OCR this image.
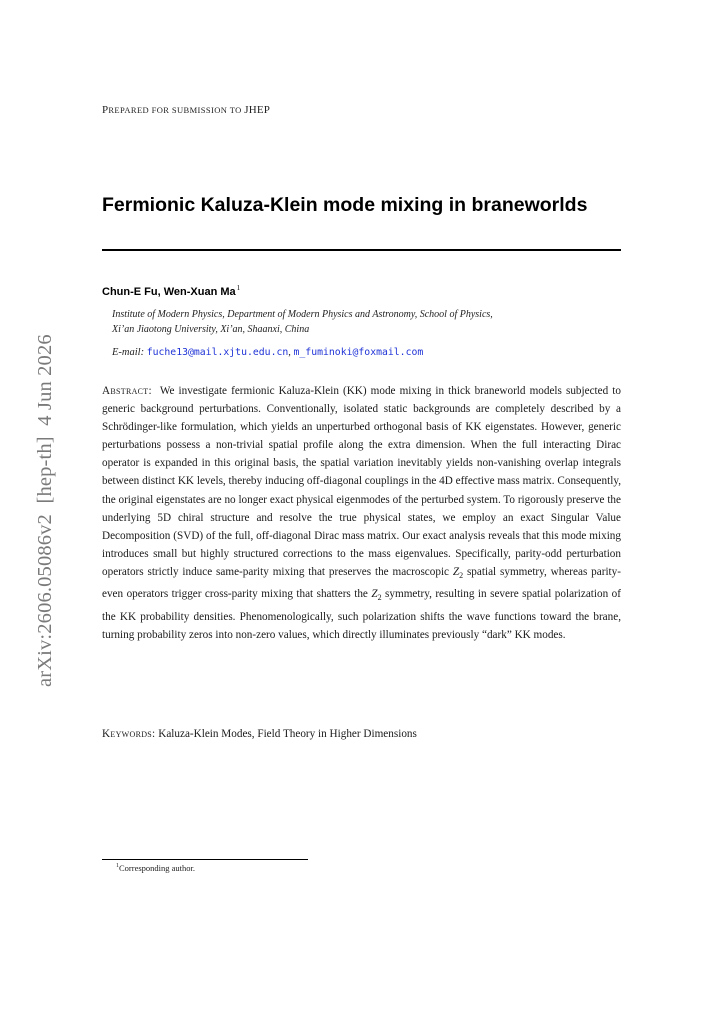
PREPARED FOR SUBMISSION TO JHEP
Fermionic Kaluza-Klein mode mixing in braneworlds
Chun-E Fu, Wen-Xuan Ma$^1$
Institute of Modern Physics, Department of Modern Physics and Astronomy, School of Physics,
Xi’an Jiaotong University, Xi’an, Shaanxi, China
E-mail: fuche13@mail.xjtu.edu.cn, m_fuminoki@foxmail.com
Abstract: We investigate fermionic Kaluza-Klein (KK) mode mixing in thick braneworld models subjected to generic background perturbations. Conventionally, isolated static backgrounds are completely described by a Schrödinger-like formulation, which yields an unperturbed orthogonal basis of KK eigenstates. However, generic perturbations possess a non-trivial spatial profile along the extra dimension. When the full interacting Dirac operator is expanded in this original basis, the spatial variation inevitably yields non-vanishing overlap integrals between distinct KK levels, thereby inducing off-diagonal couplings in the 4D effective mass matrix. Consequently, the original eigenstates are no longer exact physical eigenmodes of the perturbed system. To rigorously preserve the underlying 5D chiral structure and resolve the true physical states, we employ an exact Singular Value Decomposition (SVD) of the full, off-diagonal Dirac mass matrix. Our exact analysis reveals that this mode mixing introduces small but highly structured corrections to the mass eigenvalues. Specifically, parity-odd perturbation operators strictly induce same-parity mixing that preserves the macroscopic $Z_2$ spatial symmetry, whereas parity-even operators trigger cross-parity mixing that shatters the $Z_2$ symmetry, resulting in severe spatial polarization of the KK probability densities. Phenomenologically, such polarization shifts the wave functions toward the brane, turning probability zeros into non-zero values, which directly illuminates previously “dark” KK modes.
Keywords: Kaluza-Klein Modes, Field Theory in Higher Dimensions
$^1$Corresponding author.
arXiv:2606.05086v2  [hep-th]  4 Jun 2026
